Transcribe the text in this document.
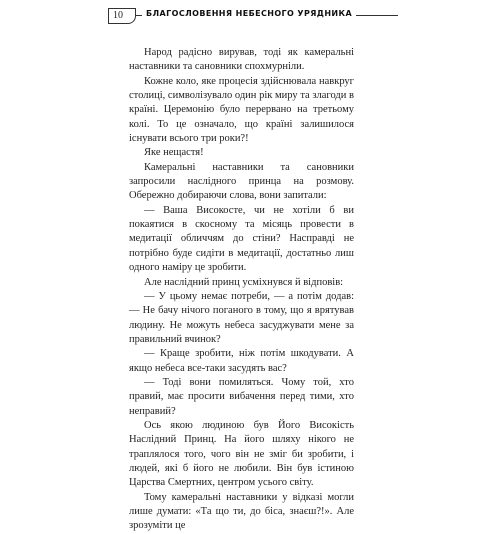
10	БЛАГОСЛОВЕННЯ НЕБЕСНОГО УРЯДНИКА

Народ радісно вирував, тоді як камеральні наставники та сановники спохмурніли.

Кожне коло, яке процесія здійснювала навкруг столиці, символізувало один рік миру та злагоди в країні. Церемонію було перервано на третьому колі. То це означало, що країні залишилося існувати всього три роки?!

Яке нещастя!

Камеральні наставники та сановники запросили наслідного принца на розмову. Обережно добираючи слова, вони запитали:

— Ваша Високосте, чи не хотіли б ви покаятися в скосному та місяць провести в медитації обличчям до стіни? Насправді не потрібно буде сидіти в медитації, достатньо лиш одного наміру це зробити.

Але наслідний принц усміхнувся й відповів:

— У цьому немає потреби, — а потім додав: — Не бачу нічого поганого в тому, що я врятував людину. Не можуть небеса засуджувати мене за правильний вчинок?

— Краще зробити, ніж потім шкодувати. А якщо небеса все-таки засудять вас?

— Тоді вони помиляться. Чому той, хто правий, має просити вибачення перед тими, хто неправий?

Ось якою людиною був Його Високість Наслідний Принц. На його шляху нікого не траплялося того, чого він не зміг би зробити, і людей, які б його не любили. Він був істиною Царства Смертних, центром усього світу.

Тому камеральні наставники у відказі могли лише думати: «Та що ти, до біса, знаєш?!». Але зрозуміти це
